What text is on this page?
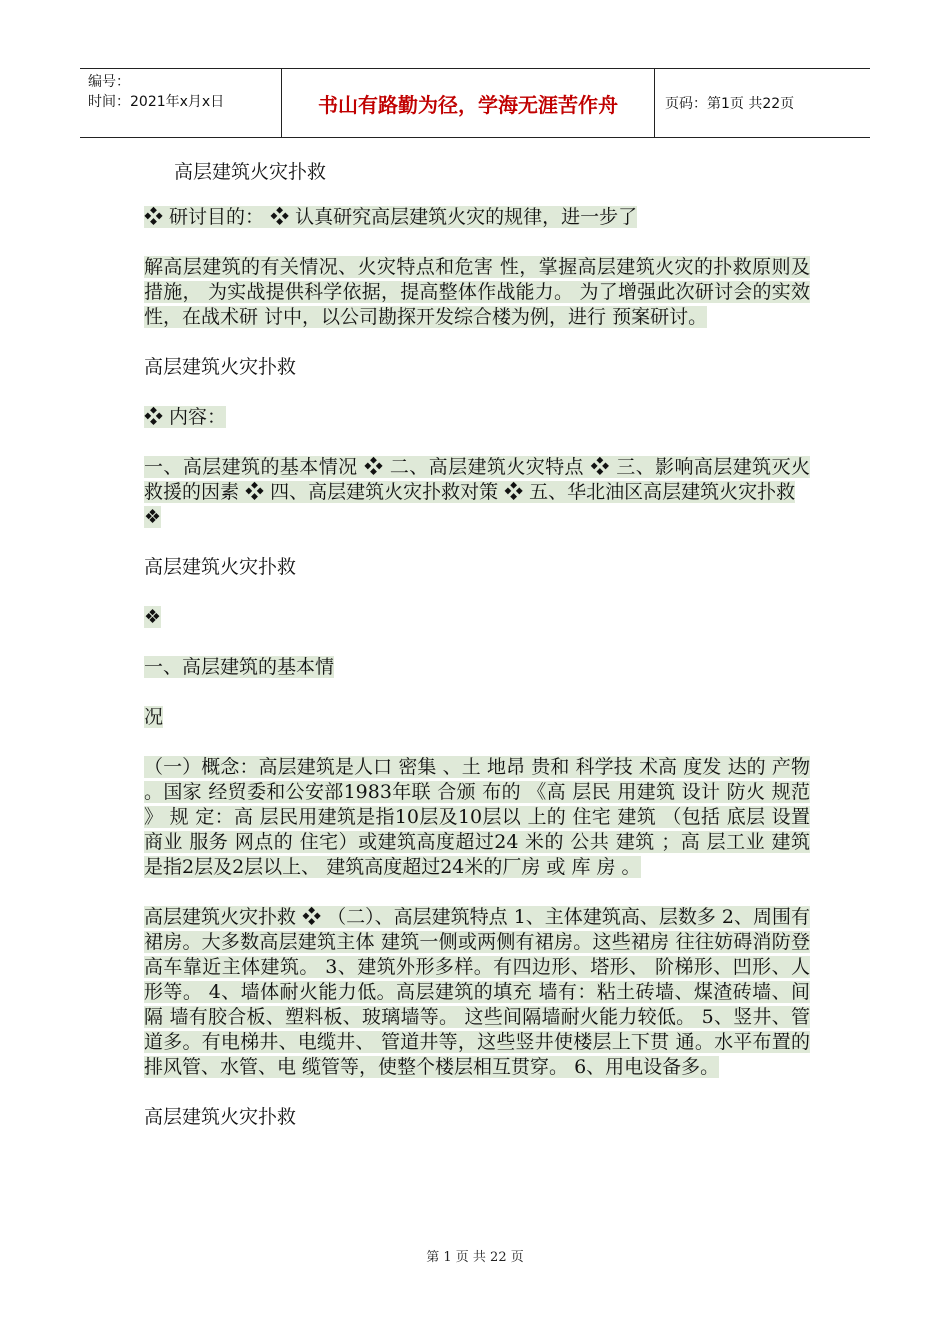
编号：
时间：2021年x月x日	书山有路勤为径，学海无涯苦作舟	页码：第1页 共22页

高层建筑火灾扑救

❖ 研讨目的： ❖ 认真研究高层建筑火灾的规律，进一步了

解高层建筑的有关情况、火灾特点和危害 性，掌握高层建筑火灾的扑救原则及措施， 为实战提供科学依据，提高整体作战能力。 为了增强此次研讨会的实效性，在战术研 讨中，以公司勘探开发综合楼为例，进行 预案研讨。

高层建筑火灾扑救

❖ 内容：

一、高层建筑的基本情况 ❖ 二、高层建筑火灾特点 ❖ 三、影响高层建筑灭火救援的因素 ❖ 四、高层建筑火灾扑救对策 ❖ 五、华北油区高层建筑火灾扑救

❖

高层建筑火灾扑救

❖

一、高层建筑的基本情

况

（一）概念：高层建筑是人口 密集 、土 地昂 贵和 科学技 术高 度发 达的 产物 。国家 经贸委和公安部1983年联 合颁 布的 《高 层民 用建筑 设计 防火 规范 》 规 定：高 层民用建筑是指10层及10层以 上的 住宅 建筑 （包括 底层 设置 商业 服务 网点的 住宅）或建筑高度超过24 米的 公共 建筑 ；高 层工业 建筑是指2层及2层以上、 建筑高度超过24米的厂房 或 库 房 。

高层建筑火灾扑救 ❖ （二）、高层建筑特点 1、主体建筑高、层数多 2、周围有裙房。大多数高层建筑主体 建筑一侧或两侧有裙房。这些裙房 往往妨碍消防登高车靠近主体建筑。 3、建筑外形多样。有四边形、塔形、 阶梯形、凹形、人形等。 4、墙体耐火能力低。高层建筑的填充 墙有：粘土砖墙、煤渣砖墙、间隔 墙有胶合板、塑料板、玻璃墙等。 这些间隔墙耐火能力较低。 5、竖井、管道多。有电梯井、电缆井、 管道井等，这些竖井使楼层上下贯 通。水平布置的排风管、水管、电 缆管等，使整个楼层相互贯穿。 6、用电设备多。

高层建筑火灾扑救

第 1 页 共 22 页
